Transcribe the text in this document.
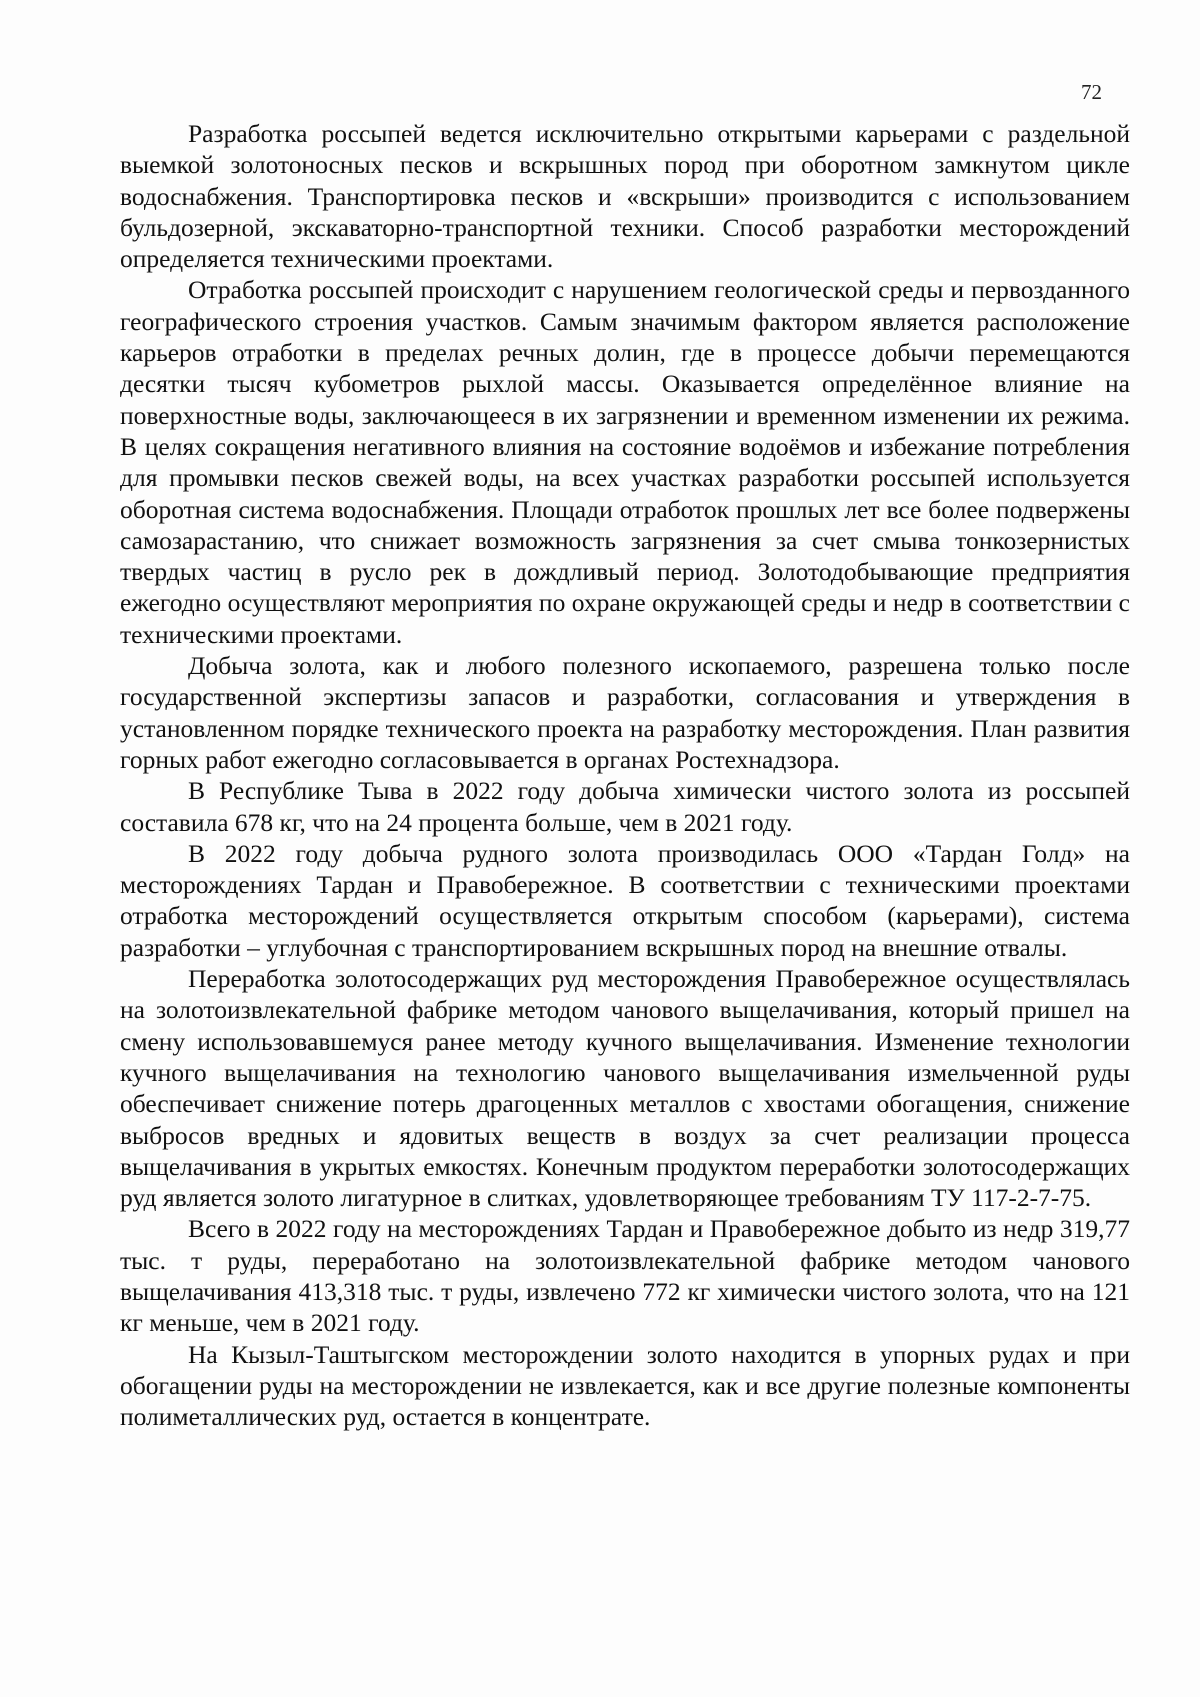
72

Разработка россыпей ведется исключительно открытыми карьерами с раздельной выемкой золотоносных песков и вскрышных пород при оборотном замкнутом цикле водоснабжения. Транспортировка песков и «вскрыши» производится с использованием бульдозерной, экскаваторно-транспортной техники. Способ разработки месторождений определяется техническими проектами.

Отработка россыпей происходит с нарушением геологической среды и первозданного географического строения участков. Самым значимым фактором является расположение карьеров отработки в пределах речных долин, где в процессе добычи перемещаются десятки тысяч кубометров рыхлой массы. Оказывается определённое влияние на поверхностные воды, заключающееся в их загрязнении и временном изменении их режима. В целях сокращения негативного влияния на состояние водоёмов и избежание потребления для промывки песков свежей воды, на всех участках разработки россыпей используется оборотная система водоснабжения. Площади отработок прошлых лет все более подвержены самозарастанию, что снижает возможность загрязнения за счет смыва тонкозернистых твердых частиц в русло рек в дождливый период. Золотодобывающие предприятия ежегодно осуществляют мероприятия по охране окружающей среды и недр в соответствии с техническими проектами.

Добыча золота, как и любого полезного ископаемого, разрешена только после государственной экспертизы запасов и разработки, согласования и утверждения в установленном порядке технического проекта на разработку месторождения. План развития горных работ ежегодно согласовывается в органах Ростехнадзора.

В Республике Тыва в 2022 году добыча химически чистого золота из россыпей составила 678 кг, что на 24 процента больше, чем в 2021 году.

В 2022 году добыча рудного золота производилась ООО «Тардан Голд» на месторождениях Тардан и Правобережное. В соответствии с техническими проектами отработка месторождений осуществляется открытым способом (карьерами), система разработки – углубочная с транспортированием вскрышных пород на внешние отвалы.

Переработка золотосодержащих руд месторождения Правобережное осуществлялась на золотоизвлекательной фабрике методом чанового выщелачивания, который пришел на смену использовавшемуся ранее методу кучного выщелачивания. Изменение технологии кучного выщелачивания на технологию чанового выщелачивания измельченной руды обеспечивает снижение потерь драгоценных металлов с хвостами обогащения, снижение выбросов вредных и ядовитых веществ в воздух за счет реализации процесса выщелачивания в укрытых емкостях. Конечным продуктом переработки золотосодержащих руд является золото лигатурное в слитках, удовлетворяющее требованиям ТУ 117-2-7-75.

Всего в 2022 году на месторождениях Тардан и Правобережное добыто из недр 319,77 тыс. т руды, переработано на золотоизвлекательной фабрике методом чанового выщелачивания 413,318 тыс. т руды, извлечено 772 кг химически чистого золота, что на 121 кг меньше, чем в 2021 году.

На Кызыл-Таштыгском месторождении золото находится в упорных рудах и при обогащении руды на месторождении не извлекается, как и все другие полезные компоненты полиметаллических руд, остается в концентрате.
